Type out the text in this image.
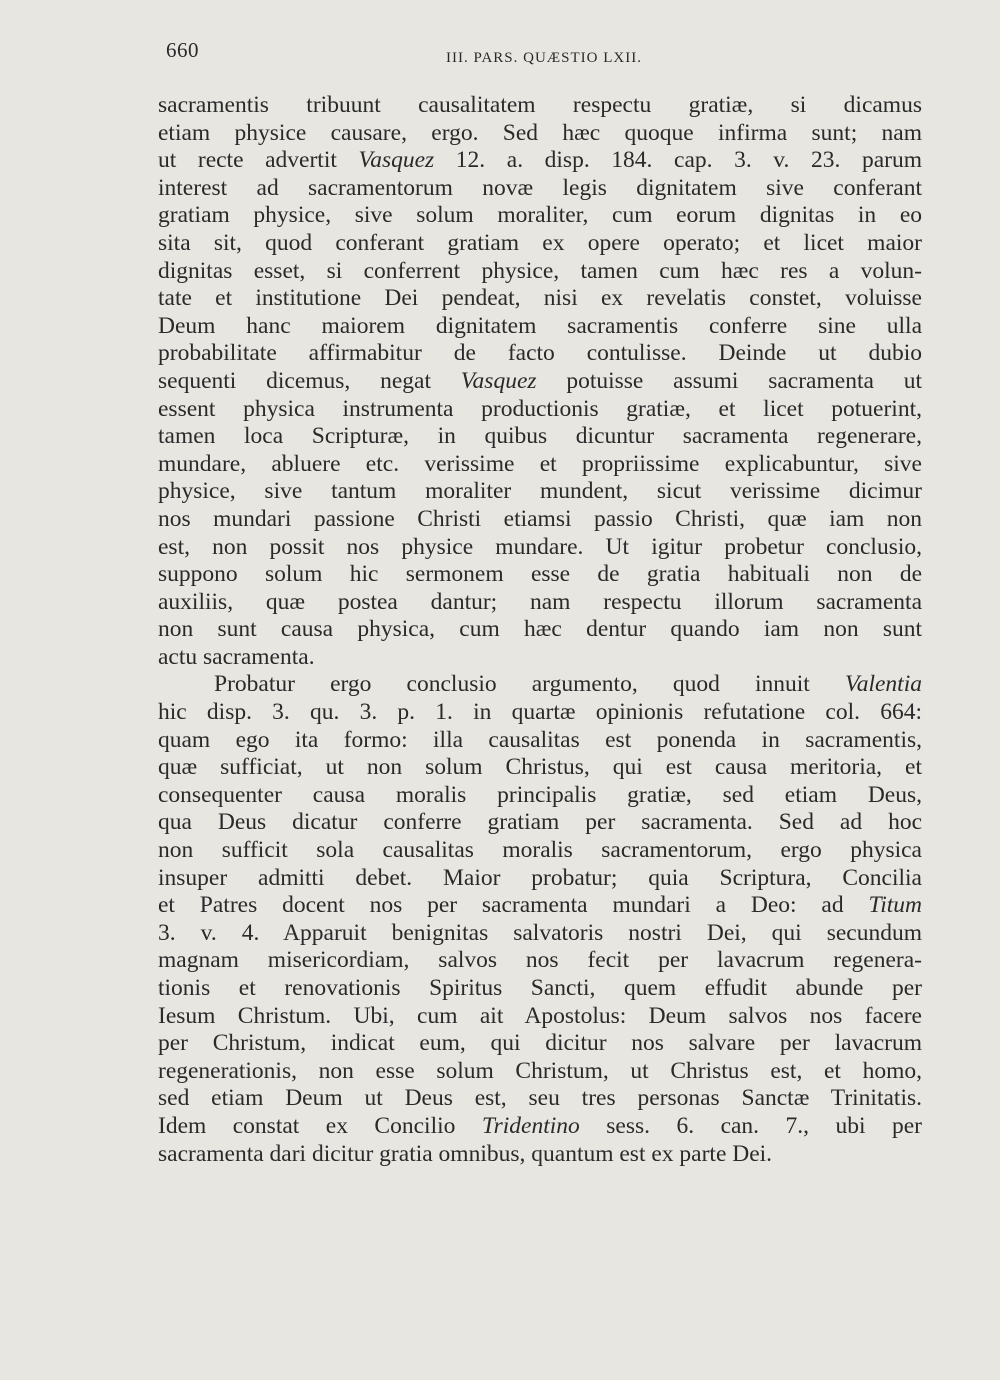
660	III. PARS. QUÆSTIO LXII.
sacramentis tribuunt causalitatem respectu gratiæ, si dicamus
etiam physice causare, ergo. Sed hæc quoque infirma sunt; nam
ut recte advertit Vasquez 12. a. disp. 184. cap. 3. v. 23. parum
interest ad sacramentorum novæ legis dignitatem sive conferant
gratiam physice, sive solum moraliter, cum eorum dignitas in eo
sita sit, quod conferant gratiam ex opere operato; et licet maior
dignitas esset, si conferrent physice, tamen cum hæc res a volun-
tate et institutione Dei pendeat, nisi ex revelatis constet, voluisse
Deum hanc maiorem dignitatem sacramentis conferre sine ulla
probabilitate affirmabitur de facto contulisse. Deinde ut dubio
sequenti dicemus, negat Vasquez potuisse assumi sacramenta ut
essent physica instrumenta productionis gratiæ, et licet potuerint,
tamen loca Scripturæ, in quibus dicuntur sacramenta regenerare,
mundare, abluere etc. verissime et propriissime explicabuntur, sive
physice, sive tantum moraliter mundent, sicut verissime dicimur
nos mundari passione Christi etiamsi passio Christi, quæ iam non
est, non possit nos physice mundare. Ut igitur probetur conclusio,
suppono solum hic sermonem esse de gratia habituali non de
auxiliis, quæ postea dantur; nam respectu illorum sacramenta
non sunt causa physica, cum hæc dentur quando iam non sunt
actu sacramenta.
Probatur ergo conclusio argumento, quod innuit Valentia
hic disp. 3. qu. 3. p. 1. in quartæ opinionis refutatione col. 664:
quam ego ita formo: illa causalitas est ponenda in sacramentis,
quæ sufficiat, ut non solum Christus, qui est causa meritoria, et
consequenter causa moralis principalis gratiæ, sed etiam Deus,
qua Deus dicatur conferre gratiam per sacramenta. Sed ad hoc
non sufficit sola causalitas moralis sacramentorum, ergo physica
insuper admitti debet. Maior probatur; quia Scriptura, Concilia
et Patres docent nos per sacramenta mundari a Deo: ad Titum
3. v. 4. Apparuit benignitas salvatoris nostri Dei, qui secundum
magnam misericordiam, salvos nos fecit per lavacrum regenera-
tionis et renovationis Spiritus Sancti, quem effudit abunde per
Iesum Christum. Ubi, cum ait Apostolus: Deum salvos nos facere
per Christum, indicat eum, qui dicitur nos salvare per lavacrum
regenerationis, non esse solum Christum, ut Christus est, et homo,
sed etiam Deum ut Deus est, seu tres personas Sanctæ Trinitatis.
Idem constat ex Concilio Tridentino sess. 6. can. 7., ubi per
sacramenta dari dicitur gratia omnibus, quantum est ex parte Dei.
